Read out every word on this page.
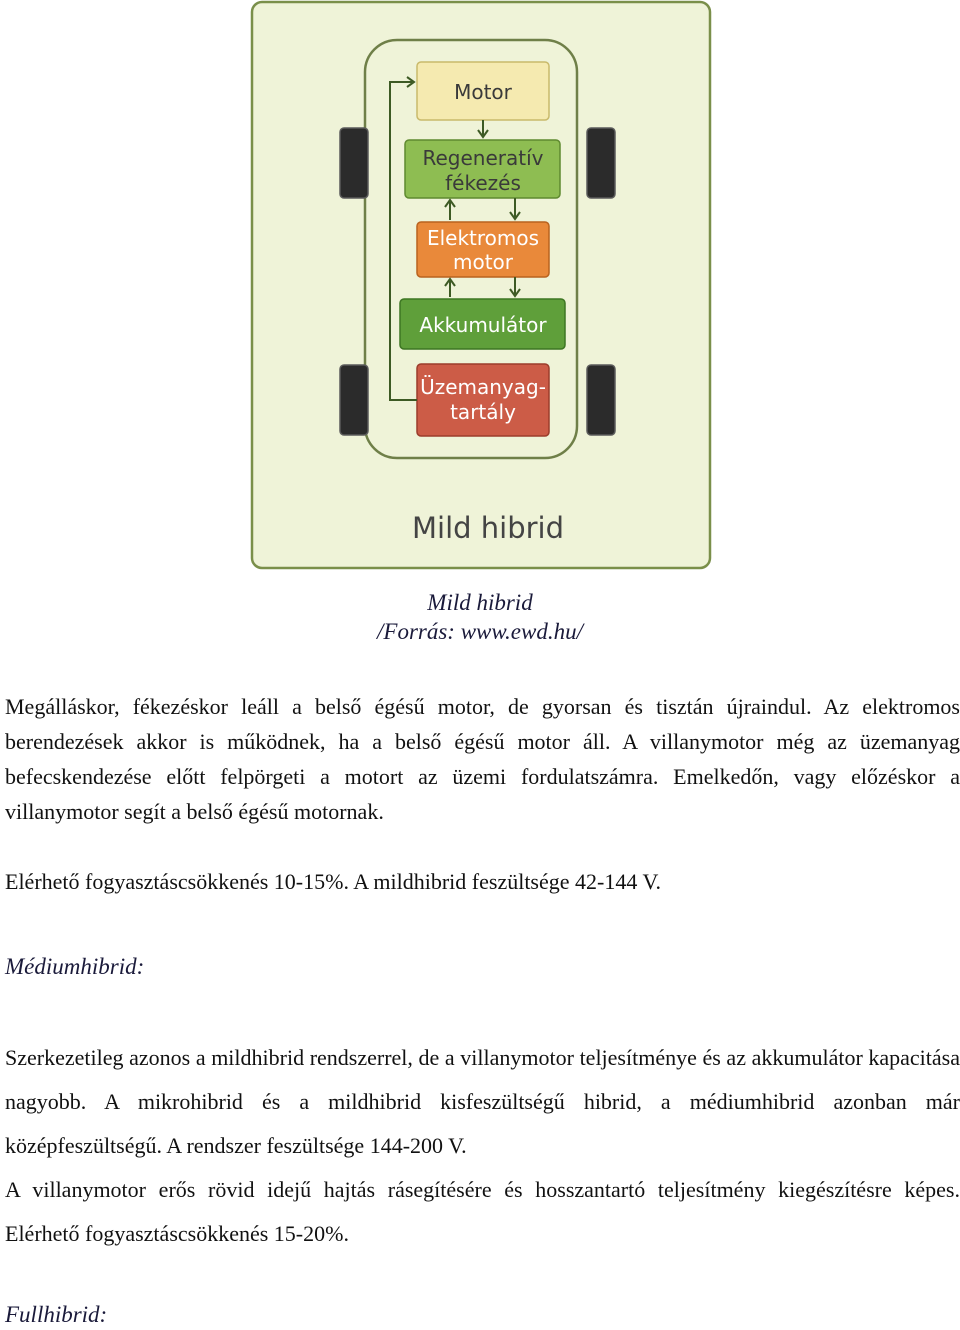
Motor
Regeneratív
fékezés
Elektromos
motor
Akkumulátor
Üzemanyag-
tartály
Mild hibrid
Mild hibrid
/Forrás: www.ewd.hu/

Megálláskor, fékezéskor leáll a belső égésű motor, de gyorsan és tisztán újraindul. Az elektromos berendezések akkor is működnek, ha a belső égésű motor áll. A villanymotor még az üzemanyag befecskendezése előtt felpörgeti a motort az üzemi fordulatszámra. Emelkedőn, vagy előzéskor a villanymotor segít a belső égésű motornak.

Elérhető fogyasztáscsökkenés 10-15%. A mildhibrid feszültsége 42-144 V.

Médiumhibrid:

Szerkezetileg azonos a mildhibrid rendszerrel, de a villanymotor teljesítménye és az akkumulátor kapacitása nagyobb. A mikrohibrid és a mildhibrid kisfeszültségű hibrid, a médiumhibrid azonban már középfeszültségű. A rendszer feszültsége 144-200 V.

A villanymotor erős rövid idejű hajtás rásegítésére és hosszantartó teljesítmény kiegészítésre képes. Elérhető fogyasztáscsökkenés 15-20%.

Fullhibrid:
